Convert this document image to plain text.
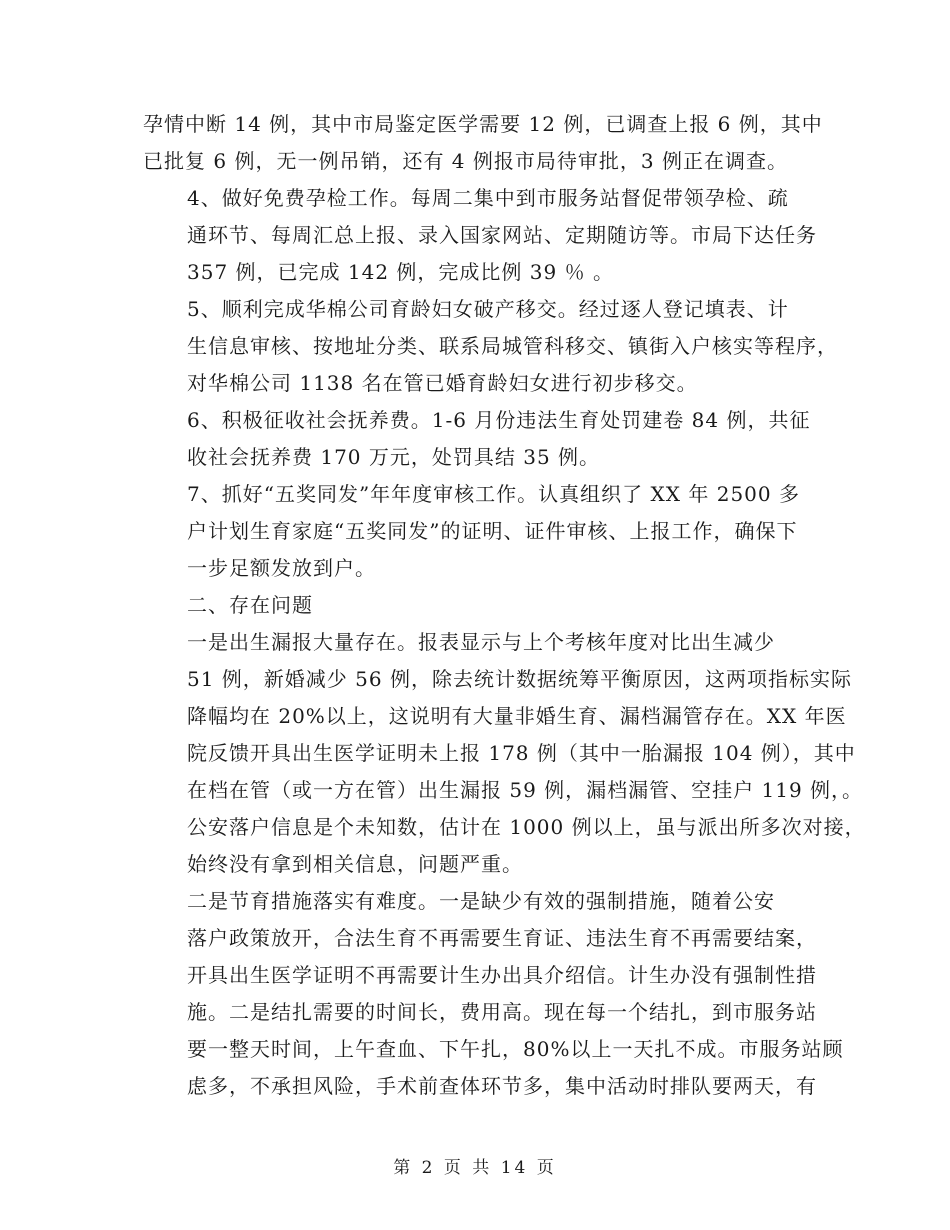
孕情中断 14 例，其中市局鉴定医学需要 12 例，已调查上报 6 例，其中
已批复 6 例，无一例吊销，还有 4 例报市局待审批，3 例正在调查。

4、做好免费孕检工作。每周二集中到市服务站督促带领孕检、疏
通环节、每周汇总上报、录入国家网站、定期随访等。市局下达任务
357 例，已完成 142 例，完成比例 39 ％ 。

5、顺利完成华棉公司育龄妇女破产移交。经过逐人登记填表、计
生信息审核、按地址分类、联系局城管科移交、镇街入户核实等程序，
对华棉公司 1138 名在管已婚育龄妇女进行初步移交。

6、积极征收社会抚养费。1-6 月份违法生育处罚建卷 84 例，共征
收社会抚养费 170 万元，处罚具结 35 例。

7、抓好“五奖同发”年年度审核工作。认真组织了 XX 年 2500 多
户计划生育家庭“五奖同发”的证明、证件审核、上报工作，确保下
一步足额发放到户。

二、存在问题

一是出生漏报大量存在。报表显示与上个考核年度对比出生减少
51 例，新婚减少 56 例，除去统计数据统筹平衡原因，这两项指标实际
降幅均在 20%以上，这说明有大量非婚生育、漏档漏管存在。XX 年医
院反馈开具出生医学证明未上报 178 例（其中一胎漏报 104 例），其中
在档在管（或一方在管）出生漏报 59 例，漏档漏管、空挂户 119 例，。
公安落户信息是个未知数，估计在 1000 例以上，虽与派出所多次对接，
始终没有拿到相关信息，问题严重。

二是节育措施落实有难度。一是缺少有效的强制措施，随着公安
落户政策放开，合法生育不再需要生育证、违法生育不再需要结案，
开具出生医学证明不再需要计生办出具介绍信。计生办没有强制性措
施。二是结扎需要的时间长，费用高。现在每一个结扎，到市服务站
要一整天时间，上午查血、下午扎，80%以上一天扎不成。市服务站顾
虑多，不承担风险，手术前查体环节多，集中活动时排队要两天，有

第 2 页 共 14 页
